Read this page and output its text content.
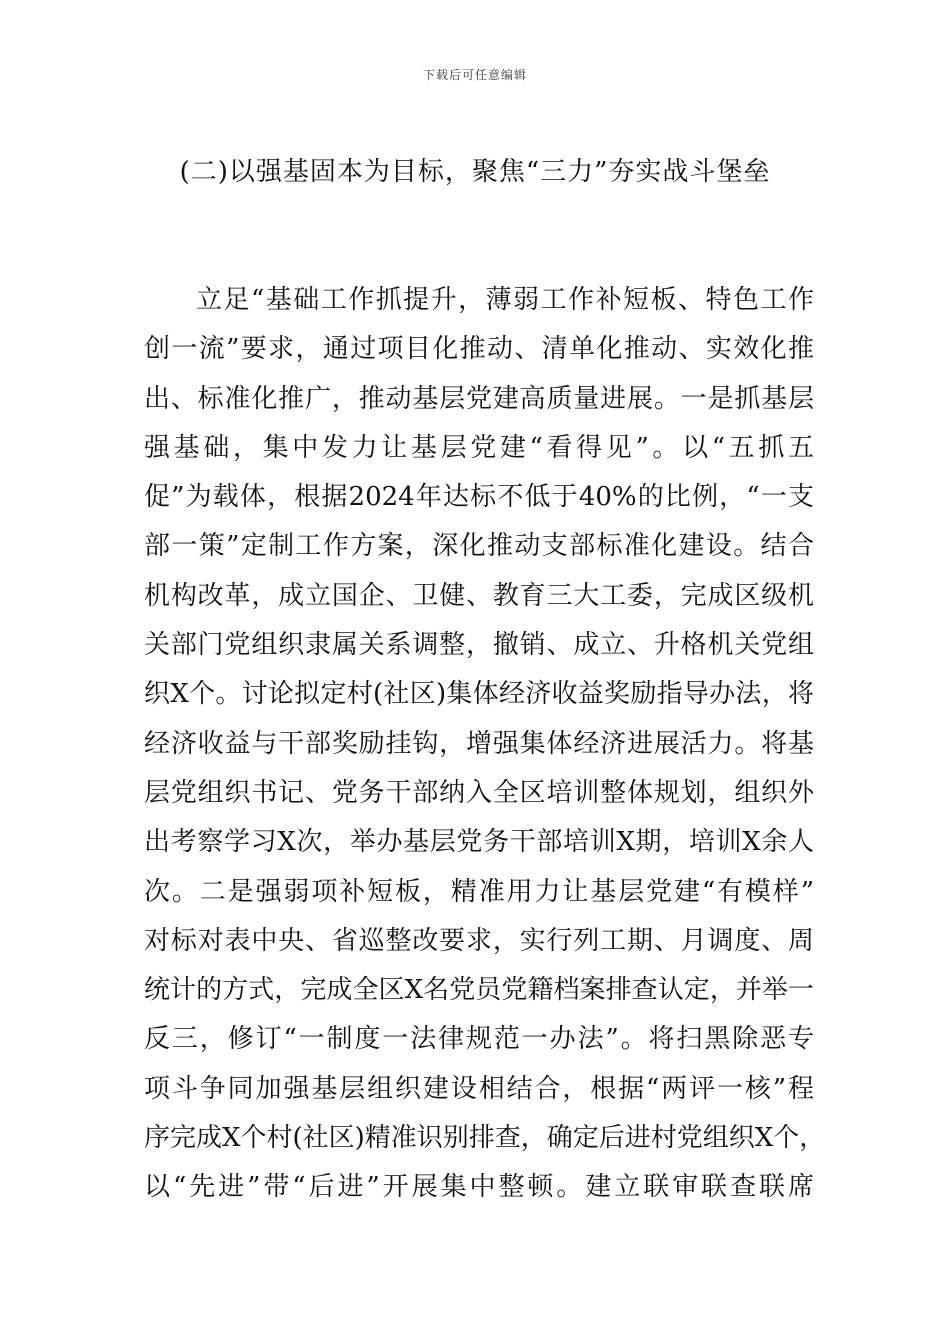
下载后可任意编辑
(二)以强基固本为目标，聚焦“三力”夯实战斗堡垒
立足“基础工作抓提升，薄弱工作补短板、特色工作
创一流”要求，通过项目化推动、清单化推动、实效化推
出、标准化推广，推动基层党建高质量进展。一是抓基层
强基础，集中发力让基层党建“看得见”。以“五抓五
促”为载体，根据2024年达标不低于40%的比例，“一支
部一策”定制工作方案，深化推动支部标准化建设。结合
机构改革，成立国企、卫健、教育三大工委，完成区级机
关部门党组织隶属关系调整，撤销、成立、升格机关党组
织X个。讨论拟定村(社区)集体经济收益奖励指导办法，将
经济收益与干部奖励挂钩，增强集体经济进展活力。将基
层党组织书记、党务干部纳入全区培训整体规划，组织外
出考察学习X次，举办基层党务干部培训X期，培训X余人
次。二是强弱项补短板，精准用力让基层党建“有模样”
对标对表中央、省巡整改要求，实行列工期、月调度、周
统计的方式，完成全区X名党员党籍档案排查认定，并举一
反三，修订“一制度一法律规范一办法”。将扫黑除恶专
项斗争同加强基层组织建设相结合，根据“两评一核”程
序完成X个村(社区)精准识别排查，确定后进村党组织X个，
以“先进”带“后进”开展集中整顿。建立联审联查联席
